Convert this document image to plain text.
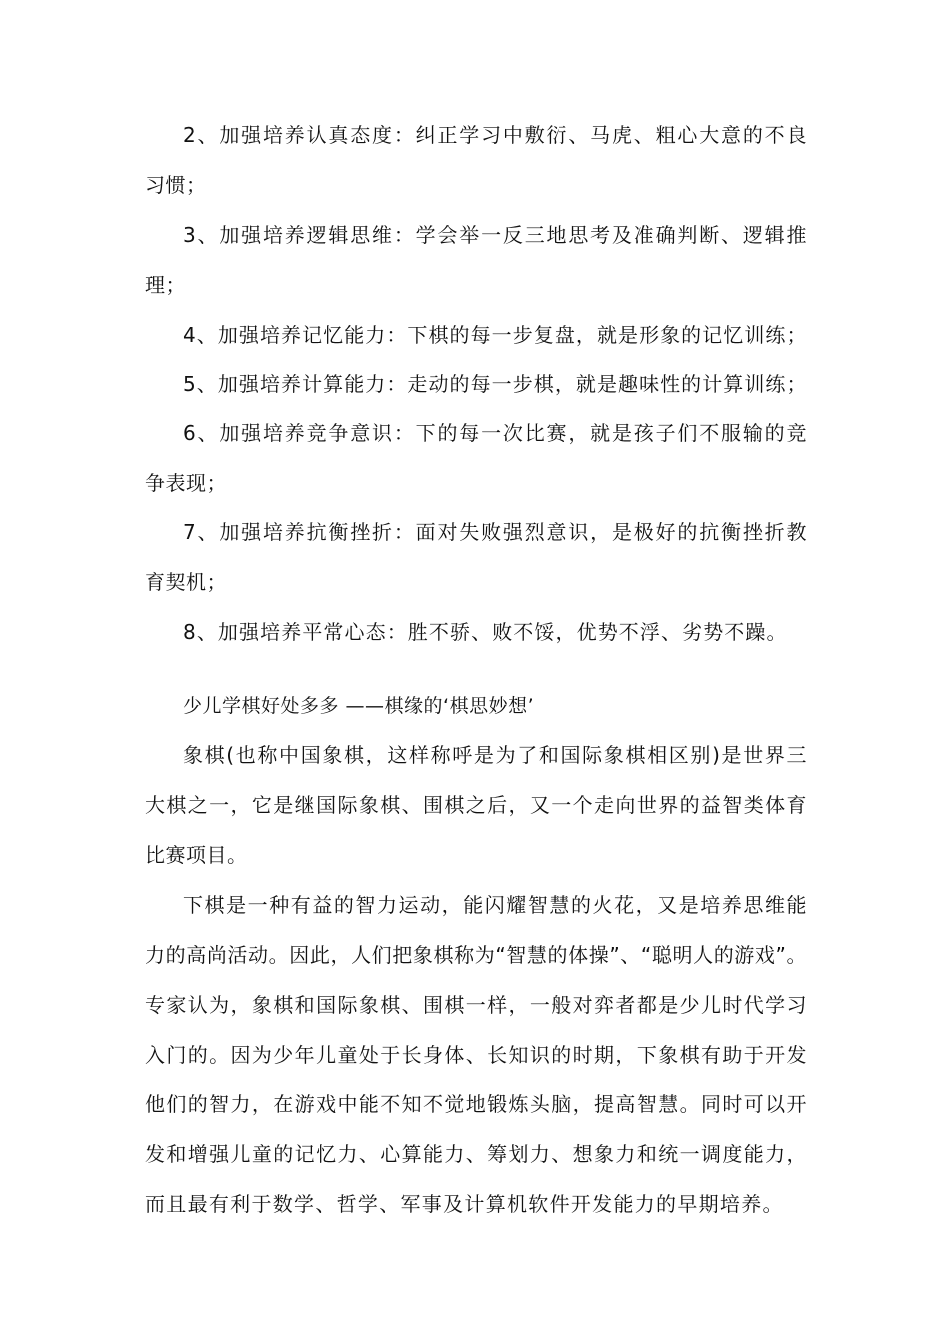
2、加强培养认真态度：纠正学习中敷衍、马虎、粗心大意的不良
习惯；
3、加强培养逻辑思维：学会举一反三地思考及准确判断、逻辑推
理；
4、加强培养记忆能力：下棋的每一步复盘，就是形象的记忆训练；
5、加强培养计算能力：走动的每一步棋，就是趣味性的计算训练；
6、加强培养竞争意识：下的每一次比赛，就是孩子们不服输的竞
争表现；
7、加强培养抗衡挫折：面对失败强烈意识，是极好的抗衡挫折教
育契机；
8、加强培养平常心态：胜不骄、败不馁，优势不浮、劣势不躁。
少儿学棋好处多多 ——棋缘的‘棋思妙想’
象棋(也称中国象棋，这样称呼是为了和国际象棋相区别)是世界三
大棋之一，它是继国际象棋、围棋之后，又一个走向世界的益智类体育
比赛项目。
下棋是一种有益的智力运动，能闪耀智慧的火花，又是培养思维能
力的高尚活动。因此，人们把象棋称为“智慧的体操”、“聪明人的游戏”。
专家认为，象棋和国际象棋、围棋一样，一般对弈者都是少儿时代学习
入门的。因为少年儿童处于长身体、长知识的时期，下象棋有助于开发
他们的智力，在游戏中能不知不觉地锻炼头脑，提高智慧。同时可以开
发和增强儿童的记忆力、心算能力、筹划力、想象力和统一调度能力，
而且最有利于数学、哲学、军事及计算机软件开发能力的早期培养。
